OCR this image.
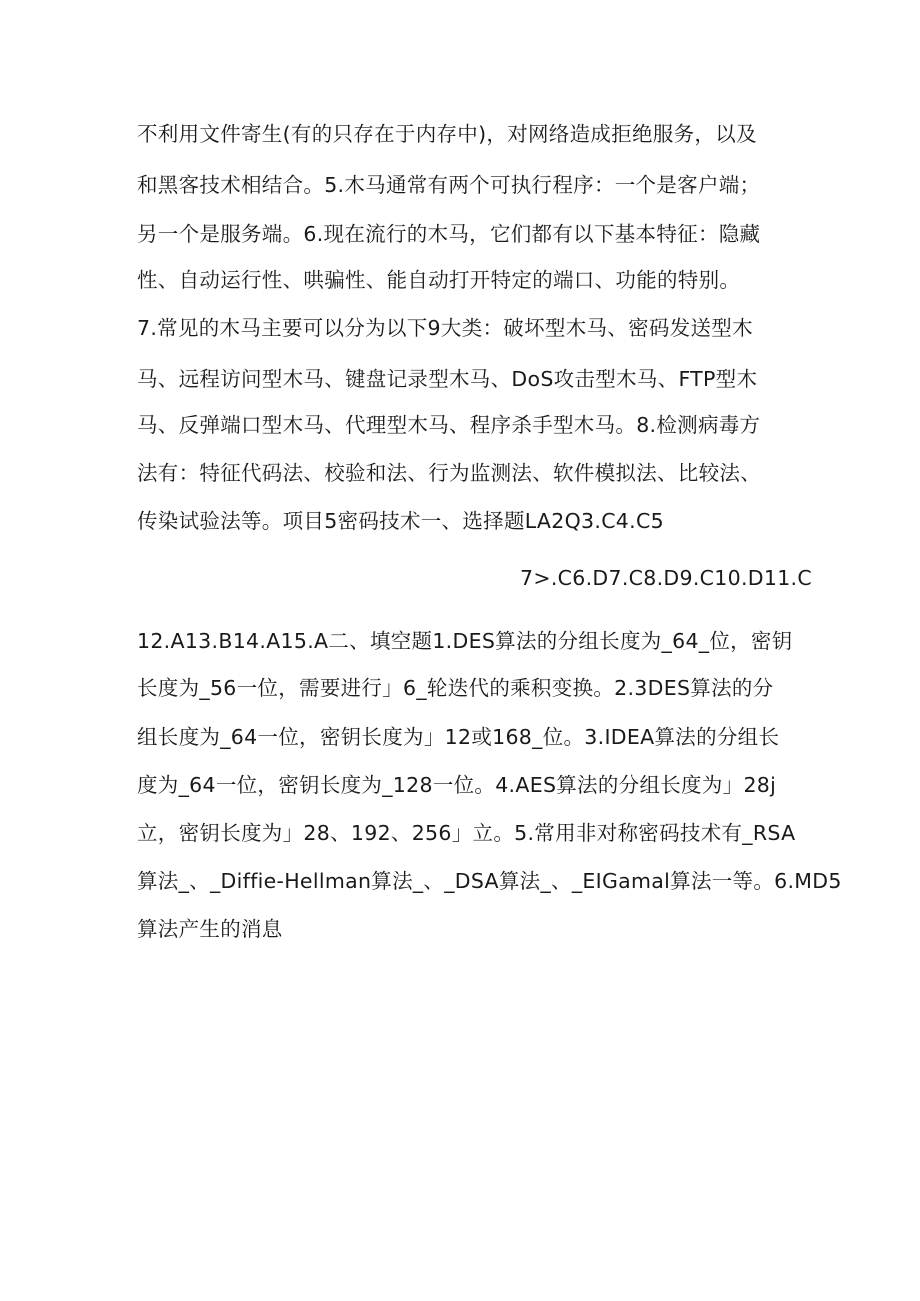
不利用文件寄生(有的只存在于内存中)，对网络造成拒绝服务，以及
和黑客技术相结合。5.木马通常有两个可执行程序：一个是客户端；
另一个是服务端。6.现在流行的木马，它们都有以下基本特征：隐藏
性、自动运行性、哄骗性、能自动打开特定的端口、功能的特别。
7.常见的木马主要可以分为以下9大类：破坏型木马、密码发送型木
马、远程访问型木马、键盘记录型木马、DoS攻击型木马、FTP型木
马、反弹端口型木马、代理型木马、程序杀手型木马。8.检测病毒方
法有：特征代码法、校验和法、行为监测法、软件模拟法、比较法、
传染试验法等。项目5密码技术一、选择题LA2Q3.C4.C5
7>.C6.D7.C8.D9.C10.D11.C
12.A13.B14.A15.A二、填空题1.DES算法的分组长度为_64_位，密钥
长度为_56一位，需要进行」6_轮迭代的乘积变换。2.3DES算法的分
组长度为_64一位，密钥长度为」12或168_位。3.IDEA算法的分组长
度为_64一位，密钥长度为_128一位。4.AES算法的分组长度为」28j
立，密钥长度为」28、192、256」立。5.常用非对称密码技术有_RSA
算法_、_Diffie-Hellman算法_、_DSA算法_、_EIGamal算法一等。6.MD5
算法产生的消息
